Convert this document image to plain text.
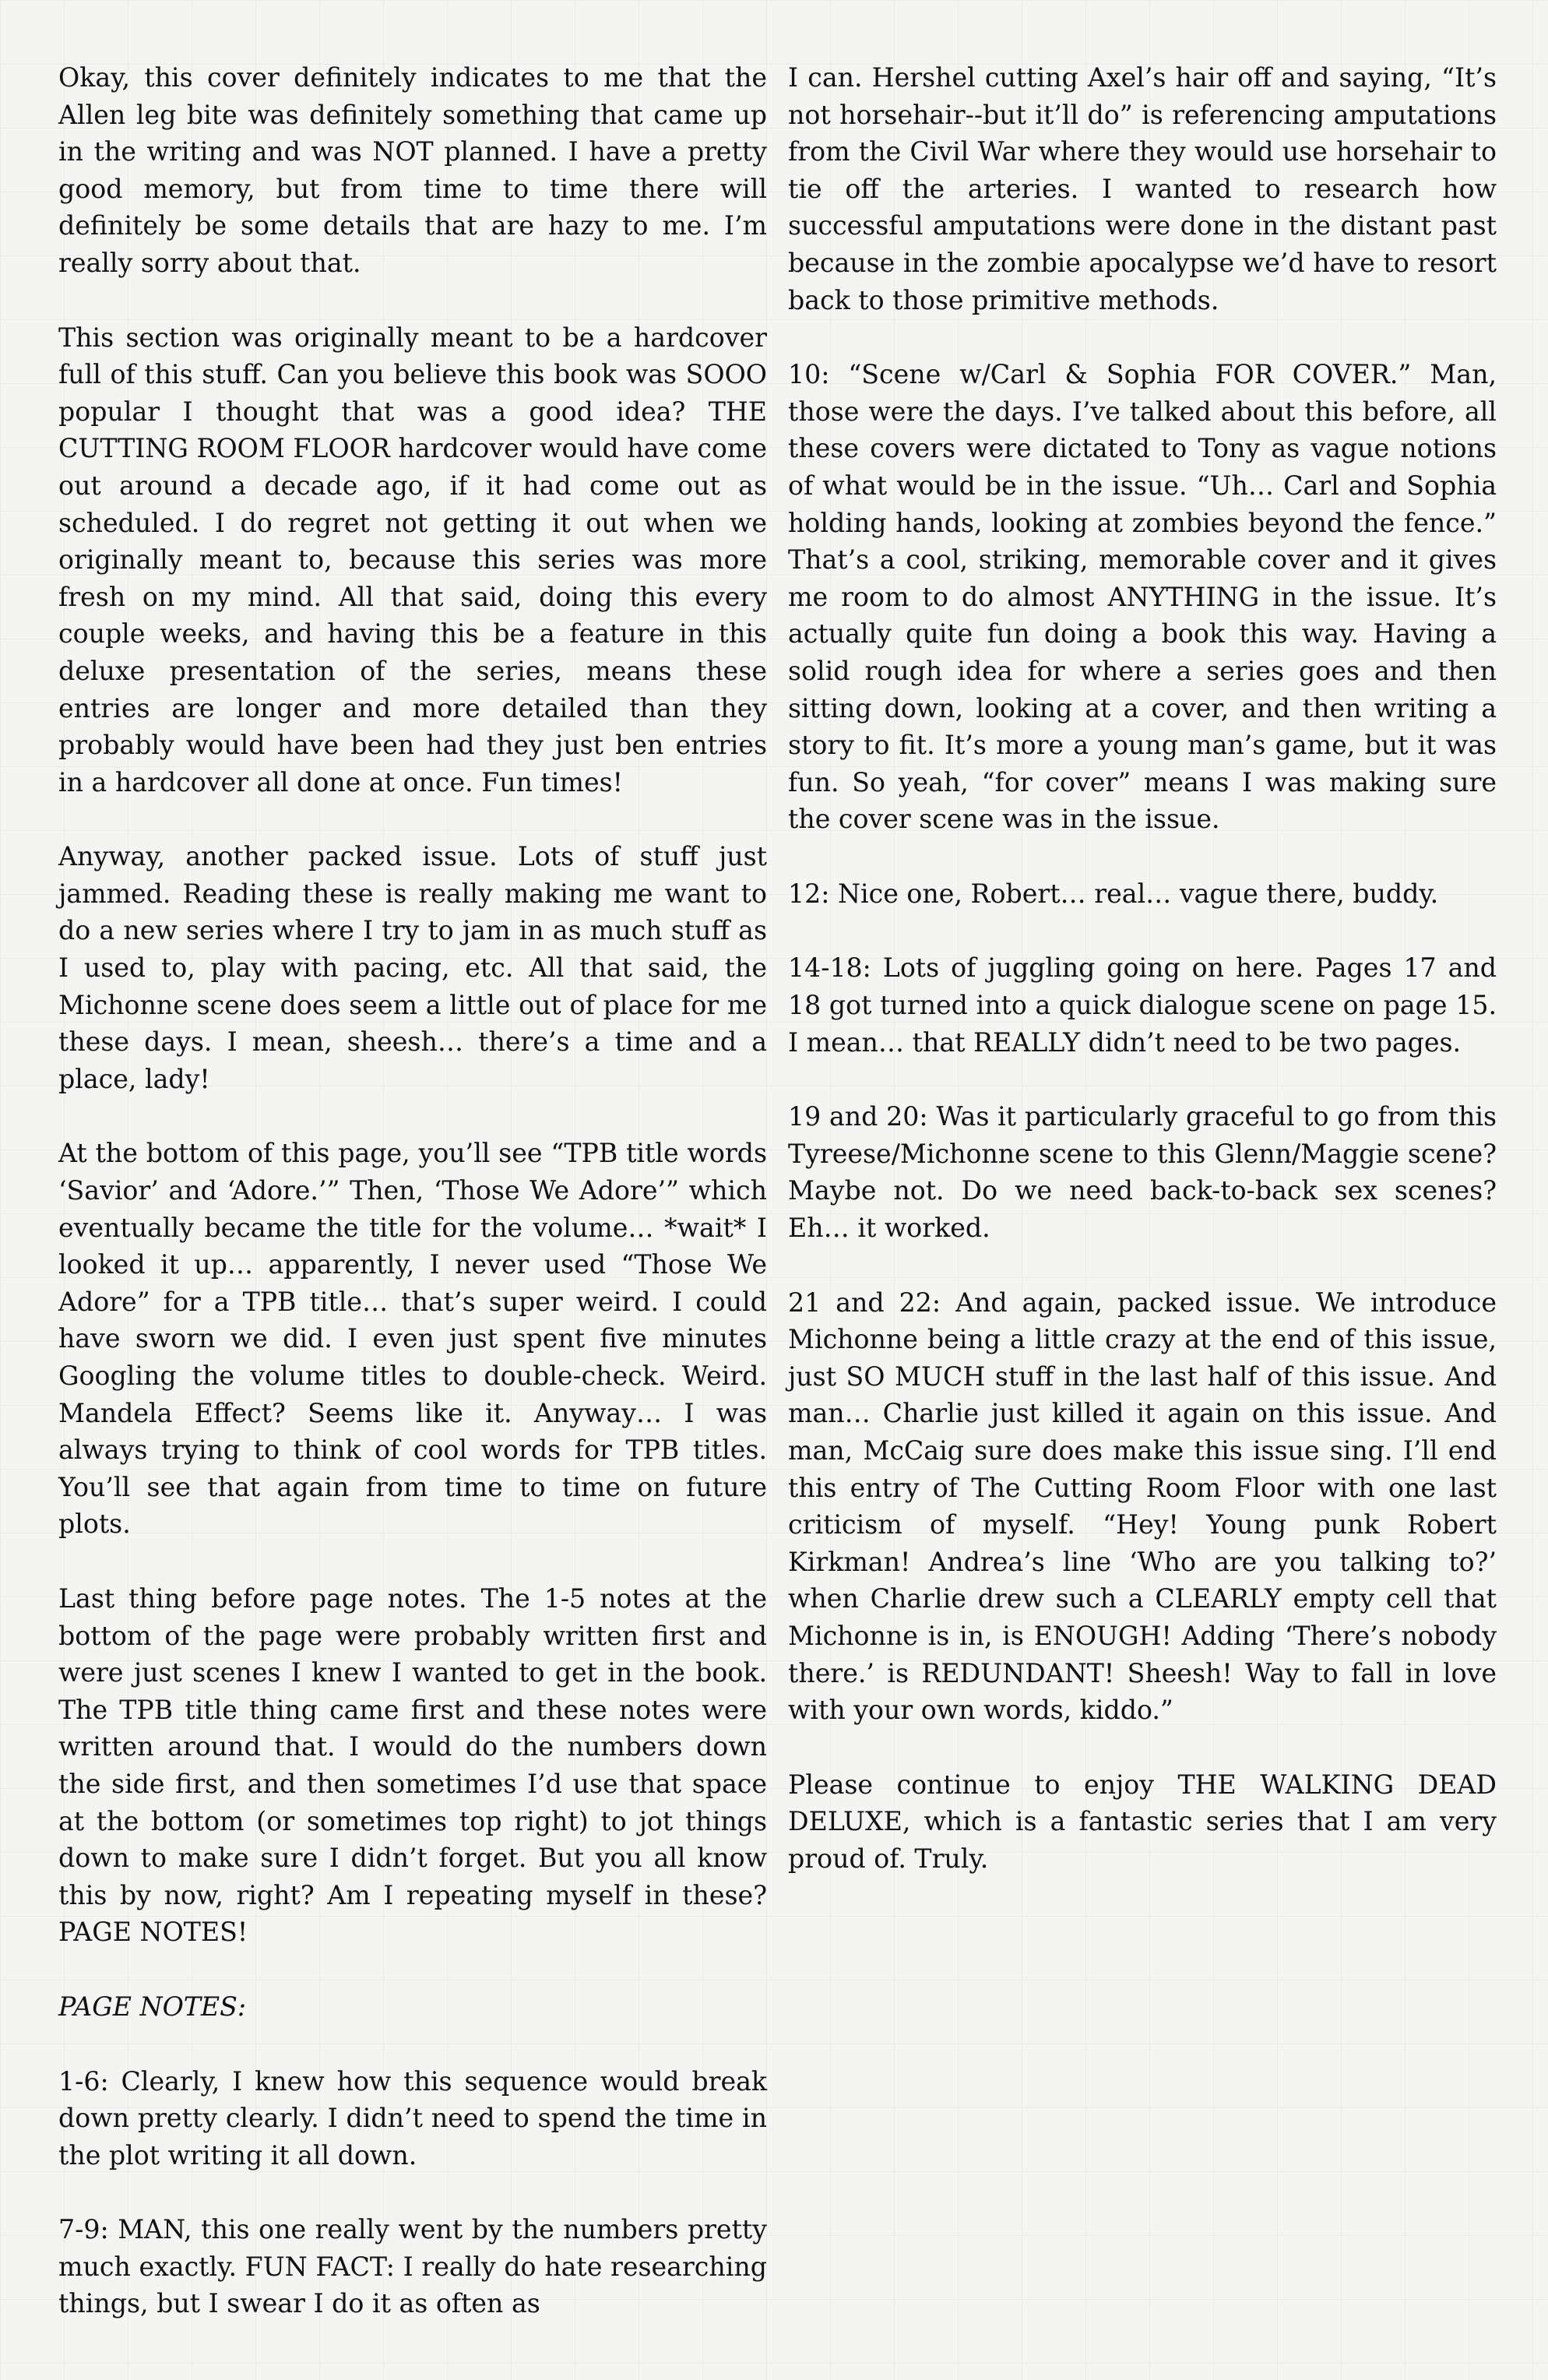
Okay, this cover definitely indicates to me that the Allen leg bite was definitely something that came up in the writing and was NOT planned. I have a pretty good memory, but from time to time there will definitely be some details that are hazy to me. I’m really sorry about that.

This section was originally meant to be a hardcover full of this stuff. Can you believe this book was SOOO popular I thought that was a good idea? THE CUTTING ROOM FLOOR hardcover would have come out around a decade ago, if it had come out as scheduled. I do regret not getting it out when we originally meant to, because this series was more fresh on my mind. All that said, doing this every couple weeks, and having this be a feature in this deluxe presentation of the series, means these entries are longer and more detailed than they probably would have been had they just ben entries in a hardcover all done at once. Fun times!

Anyway, another packed issue. Lots of stuff just jammed. Reading these is really making me want to do a new series where I try to jam in as much stuff as I used to, play with pacing, etc. All that said, the Michonne scene does seem a little out of place for me these days. I mean, sheesh… there’s a time and a place, lady!

At the bottom of this page, you’ll see “TPB title words ‘Savior’ and ‘Adore.’” Then, ‘Those We Adore’” which eventually became the title for the volume… *wait* I looked it up… apparently, I never used “Those We Adore” for a TPB title… that’s super weird. I could have sworn we did. I even just spent five minutes Googling the volume titles to double-check. Weird. Mandela Effect? Seems like it. Anyway… I was always trying to think of cool words for TPB titles. You’ll see that again from time to time on future plots.

Last thing before page notes. The 1-5 notes at the bottom of the page were probably written first and were just scenes I knew I wanted to get in the book. The TPB title thing came first and these notes were written around that. I would do the numbers down the side first, and then sometimes I’d use that space at the bottom (or sometimes top right) to jot things down to make sure I didn’t forget. But you all know this by now, right? Am I repeating myself in these? PAGE NOTES!

PAGE NOTES:

1-6: Clearly, I knew how this sequence would break down pretty clearly. I didn’t need to spend the time in the plot writing it all down.

7-9: MAN, this one really went by the numbers pretty much exactly. FUN FACT: I really do hate researching things, but I swear I do it as often as

I can. Hershel cutting Axel’s hair off and saying, “It’s not horsehair--but it’ll do” is referencing amputations from the Civil War where they would use horsehair to tie off the arteries. I wanted to research how successful amputations were done in the distant past because in the zombie apocalypse we’d have to resort back to those primitive methods.

10: “Scene w/Carl & Sophia FOR COVER.” Man, those were the days. I’ve talked about this before, all these covers were dictated to Tony as vague notions of what would be in the issue. “Uh… Carl and Sophia holding hands, looking at zombies beyond the fence.” That’s a cool, striking, memorable cover and it gives me room to do almost ANYTHING in the issue. It’s actually quite fun doing a book this way. Having a solid rough idea for where a series goes and then sitting down, looking at a cover, and then writing a story to fit. It’s more a young man’s game, but it was fun. So yeah, “for cover” means I was making sure the cover scene was in the issue.

12: Nice one, Robert… real… vague there, buddy.

14-18: Lots of juggling going on here. Pages 17 and 18 got turned into a quick dialogue scene on page 15. I mean… that REALLY didn’t need to be two pages.

19 and 20: Was it particularly graceful to go from this Tyreese/Michonne scene to this Glenn/Maggie scene? Maybe not. Do we need back-to-back sex scenes? Eh… it worked.

21 and 22: And again, packed issue. We introduce Michonne being a little crazy at the end of this issue, just SO MUCH stuff in the last half of this issue. And man… Charlie just killed it again on this issue. And man, McCaig sure does make this issue sing. I’ll end this entry of The Cutting Room Floor with one last criticism of myself. “Hey! Young punk Robert Kirkman! Andrea’s line ‘Who are you talking to?’ when Charlie drew such a CLEARLY empty cell that Michonne is in, is ENOUGH! Adding ‘There’s nobody there.’ is REDUNDANT! Sheesh! Way to fall in love with your own words, kiddo.”

Please continue to enjoy THE WALKING DEAD DELUXE, which is a fantastic series that I am very proud of. Truly.
